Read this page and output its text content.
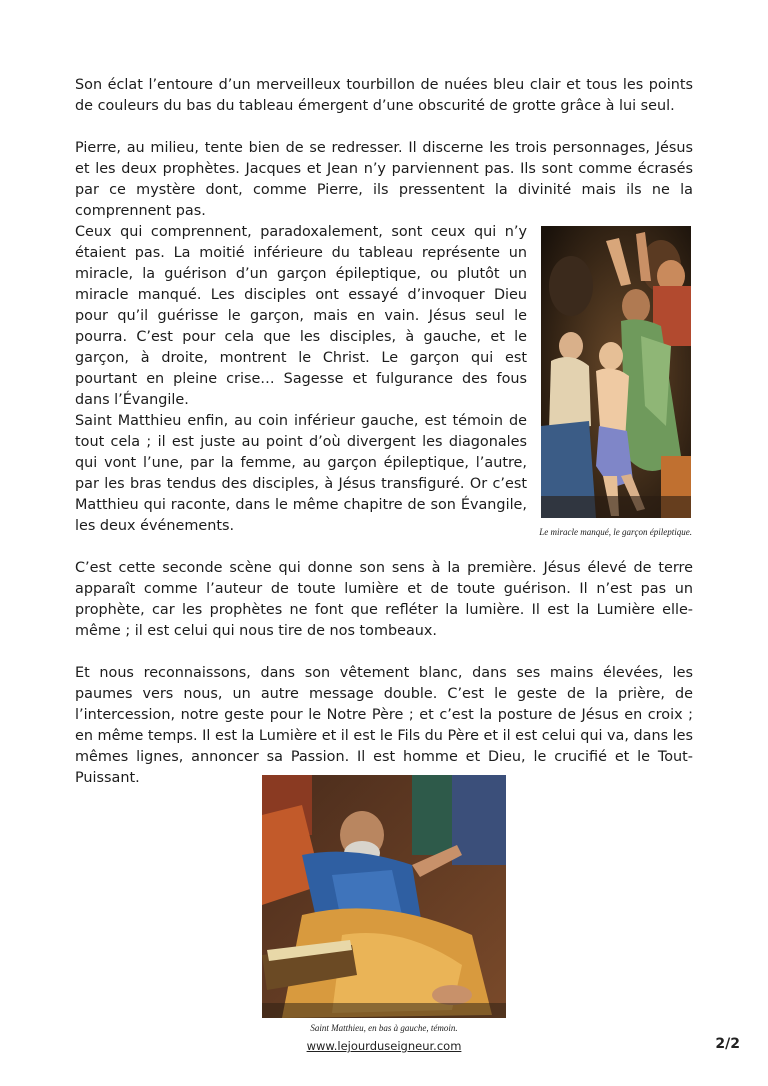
Son éclat l’entoure d’un merveilleux tourbillon de nuées bleu clair et tous les points de couleurs du bas du tableau émergent d’une obscurité de grotte grâce à lui seul.

Pierre, au milieu, tente bien de se redresser. Il discerne les trois personnages, Jésus et les deux prophètes. Jacques et Jean n’y parviennent pas. Ils sont comme écrasés par ce mystère dont, comme Pierre, ils pressentent la divinité mais ils ne la comprennent pas.

Ceux qui comprennent, paradoxalement, sont ceux qui n’y étaient pas. La moitié inférieure du tableau représente un miracle, la guérison d’un garçon épileptique, ou plutôt un miracle manqué. Les disciples ont essayé d’invoquer Dieu pour qu’il guérisse le garçon, mais en vain. Jésus seul le pourra. C’est pour cela que les disciples, à gauche, et le garçon, à droite, montrent le Christ. Le garçon qui est pourtant en pleine crise… Sagesse et fulgurance des fous dans l’Évangile.

Saint Matthieu enfin, au coin inférieur gauche, est témoin de tout cela ; il est juste au point d’où divergent les diagonales qui vont l’une, par la femme, au garçon épileptique, l’autre, par les bras tendus des disciples, à Jésus transfiguré. Or c’est Matthieu qui raconte, dans le même chapitre de son Évangile, les deux événements.	Le miracle manqué, le garçon épileptique.

C’est cette seconde scène qui donne son sens à la première. Jésus élevé de terre apparaît comme l’auteur de toute lumière et de toute guérison. Il n’est pas un prophète, car les prophètes ne font que refléter la lumière. Il est la Lumière elle-même ; il est celui qui nous tire de nos tombeaux.

Et nous reconnaissons, dans son vêtement blanc, dans ses mains élevées, les paumes vers nous, un autre message double. C’est le geste de la prière, de l’intercession, notre geste pour le Notre Père ; et c’est la posture de Jésus en croix ; en même temps. Il est la Lumière et il est le Fils du Père et il est celui qui va, dans les mêmes lignes, annoncer sa Passion. Il est homme et Dieu, le crucifié et le Tout-Puissant.

Saint Matthieu, en bas à gauche, témoin.

www.lejourduseigneur.com	2/2
